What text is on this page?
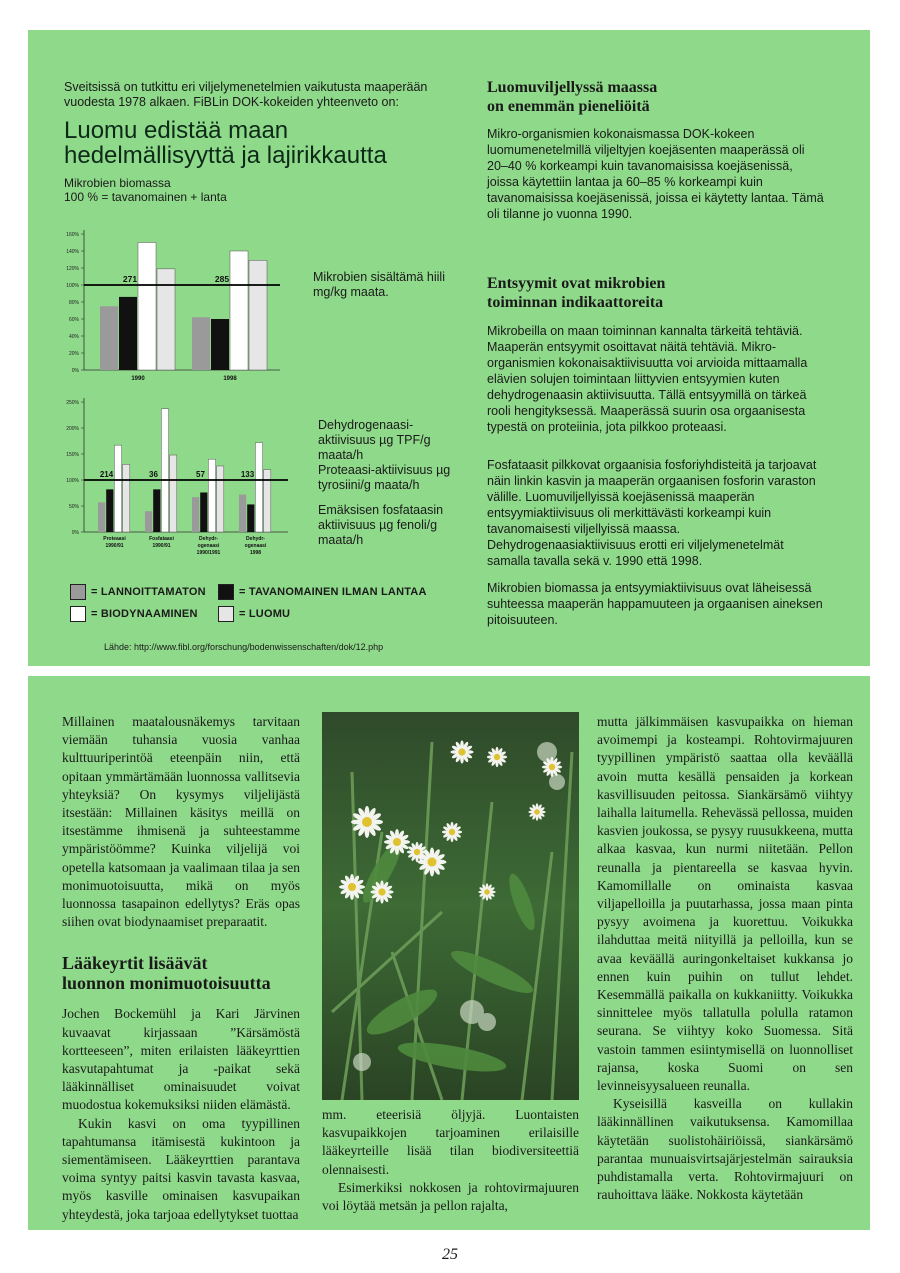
Sveitsissä on tutkittu eri viljelymenetelmien vaikutusta maaperään vuodesta 1978 alkaen. FiBLin DOK-kokeiden yhteenveto on:
Luomu edistää maan
hedelmällisyyttä ja lajirikkautta
Mikrobien biomassa
100 % = tavanomainen + lanta
0%
20%
40%
60%
80%
100%
120%
140%
160%
271
1990
285
1998
Mikrobien sisältämä hiili mg/kg maata.
0%
50%
100%
150%
200%
250%
214
Proteaasi
1990/91
36
Fosfataasi
1990/91
57
Dehydr-
ogenaasi
1990/1991
133
Dehydr-
ogenaasi
1998
Dehydrogenaasi-aktiivisuus µg TPF/g maata/h
Proteaasi-aktiivisuus µg tyrosiini/g maata/h
Emäksisen fosfataasin aktiivisuus µg fenoli/g maata/h
= LANNOITTAMATON	= TAVANOMAINEN ILMAN LANTAA
= BIODYNAAMINEN	= LUOMU
Lähde: http://www.fibl.org/forschung/bodenwissenschaften/dok/12.php
Luomuviljellyssä maassa
on enemmän pieneliöitä
Mikro-organismien kokonaismassa DOK-kokeen luomumenetelmillä viljeltyjen koejäsenten maaperässä oli 20–40 % korkeampi kuin tavanomaisissa koejäsenissä, joissa käytettiin lantaa ja 60–85 % korkeampi kuin tavanomaisissa koejäsenissä, joissa ei käytetty lantaa. Tämä oli tilanne jo vuonna 1990.
Entsyymit ovat mikrobien
toiminnan indikaattoreita
Mikrobeilla on maan toiminnan kannalta tärkeitä tehtäviä. Maaperän entsyymit osoittavat näitä tehtäviä. Mikro-organismien kokonaisaktiivisuutta voi arvioida mittaamalla elävien solujen toimintaan liittyvien entsyymien kuten dehydrogenaasin aktiivisuutta. Tällä entsyymillä on tärkeä rooli hengityksessä. Maaperässä suurin osa orgaanisesta typestä on proteiinia, jota pilkkoo proteaasi.
Fosfataasit pilkkovat orgaanisia fosforiyhdisteitä ja tarjoavat näin linkin kasvin ja maaperän orgaanisen fosforin varaston välille. Luomuviljellyissä koejäsenissä maaperän entsyymiaktiivisuus oli merkittävästi korkeampi kuin tavanomaisesti viljellyissä maassa. Dehydrogenaasiaktiivisuus erotti eri viljelymenetelmät samalla tavalla sekä v. 1990 että 1998.
Mikrobien biomassa ja entsyymiaktiivisuus ovat läheisessä suhteessa maaperän happamuuteen ja orgaanisen aineksen pitoisuuteen.

Millainen maatalousnäkemys tarvitaan viemään tuhansia vuosia vanhaa kulttuuriperintöä eteenpäin niin, että opitaan ymmärtämään luonnossa vallitsevia yhteyksiä? On kysymys viljelijästä itsestään: Millainen käsitys meillä on itsestämme ihmisenä ja suhteestamme ympäristöömme? Kuinka viljelijä voi opetella katsomaan ja vaalimaan tilaa ja sen monimuotoisuutta, mikä on myös luonnossa tasapainon edellytys? Eräs opas siihen ovat biodynaamiset preparaatit.

Lääkeyrtit lisäävät
luonnon monimuotoisuutta

Jochen Bockemühl ja Kari Järvinen kuvaavat kirjassaan ”Kärsämöstä kortteeseen”, miten erilaisten lääkeyrttien kasvutapahtumat ja -paikat sekä lääkinnälliset ominaisuudet voivat muodostua kokemuksiksi niiden elämästä.

Kukin kasvi on oma tyypillinen tapahtumansa itämisestä kukintoon ja siementämiseen. Lääkeyrttien parantava voima syntyy paitsi kasvin tavasta kasvaa, myös kasville ominaisen kasvupaikan yhteydestä, joka tarjoaa edellytykset tuottaa

mm. eteerisiä öljyjä. Luontaisten kasvupaikkojen tarjoaminen erilaisille lääkeyrteille lisää tilan biodiversiteettiä olennaisesti.

Esimerkiksi nokkosen ja rohtovirmajuuren voi löytää metsän ja pellon rajalta,

mutta jälkimmäisen kasvupaikka on hieman avoimempi ja kosteampi. Rohtovirmajuuren tyypillinen ympäristö saattaa olla keväällä avoin mutta kesällä pensaiden ja korkean kasvillisuuden peitossa. Siankärsämö viihtyy laihalla laitumella. Rehevässä pellossa, muiden kasvien joukossa, se pysyy ruusukkeena, mutta alkaa kasvaa, kun nurmi niitetään. Pellon reunalla ja pientareella se kasvaa hyvin. Kamomillalle on ominaista kasvaa viljapelloilla ja puutarhassa, jossa maan pinta pysyy avoimena ja kuorettuu. Voikukka ilahduttaa meitä niityillä ja pelloilla, kun se avaa keväällä auringonkeltaiset kukkansa jo ennen kuin puihin on tullut lehdet. Kesemmällä paikalla on kukkaniitty. Voikukka sinnittelee myös tallatulla polulla ratamon seurana. Se viihtyy koko Suomessa. Sitä vastoin tammen esiintymisellä on luonnolliset rajansa, koska Suomi on sen levinneisyysalueen reunalla.

Kyseisillä kasveilla on kullakin lääkinnällinen vaikutuksensa. Kamomillaa käytetään suolistohäiriöissä, siankärsämö parantaa munuaisvirtsajärjestelmän sairauksia puhdistamalla verta. Rohtovirmajuuri on rauhoittava lääke. Nokkosta käytetään

25
